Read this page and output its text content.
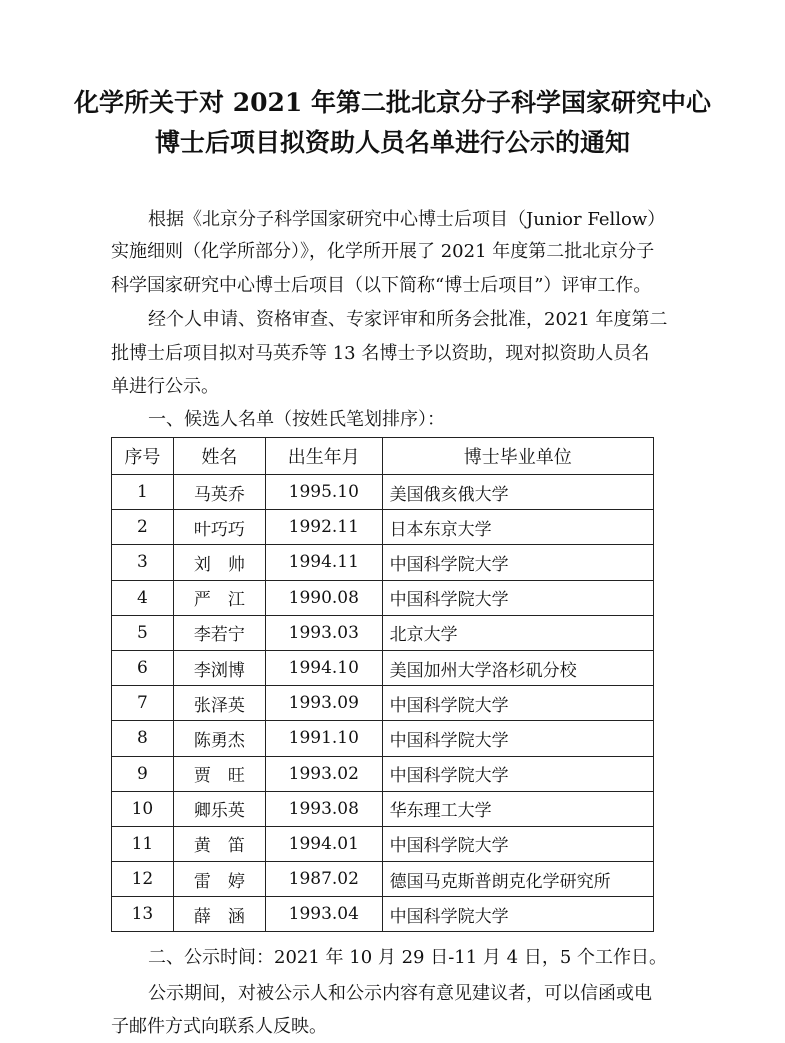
化学所关于对 2021 年第二批北京分子科学国家研究中心
博士后项目拟资助人员名单进行公示的通知
根据《北京分子科学国家研究中心博士后项目（Junior Fellow）
实施细则（化学所部分）》，化学所开展了 2021 年度第二批北京分子
科学国家研究中心博士后项目（以下简称“博士后项目”）评审工作。
经个人申请、资格审查、专家评审和所务会批准，2021 年度第二
批博士后项目拟对马英乔等 13 名博士予以资助，现对拟资助人员名
单进行公示。
一、候选人名单（按姓氏笔划排序）：
序号	姓名	出生年月	博士毕业单位
1	马英乔	1995.10	美国俄亥俄大学
2	叶巧巧	1992.11	日本东京大学
3	刘　帅	1994.11	中国科学院大学
4	严　江	1990.08	中国科学院大学
5	李若宁	1993.03	北京大学
6	李浏博	1994.10	美国加州大学洛杉矶分校
7	张泽英	1993.09	中国科学院大学
8	陈勇杰	1991.10	中国科学院大学
9	贾　旺	1993.02	中国科学院大学
10	卿乐英	1993.08	华东理工大学
11	黄　笛	1994.01	中国科学院大学
12	雷　婷	1987.02	德国马克斯普朗克化学研究所
13	薛　涵	1993.04	中国科学院大学
二、公示时间：2021 年 10 月 29 日-11 月 4 日，5 个工作日。
公示期间，对被公示人和公示内容有意见建议者，可以信函或电
子邮件方式向联系人反映。
